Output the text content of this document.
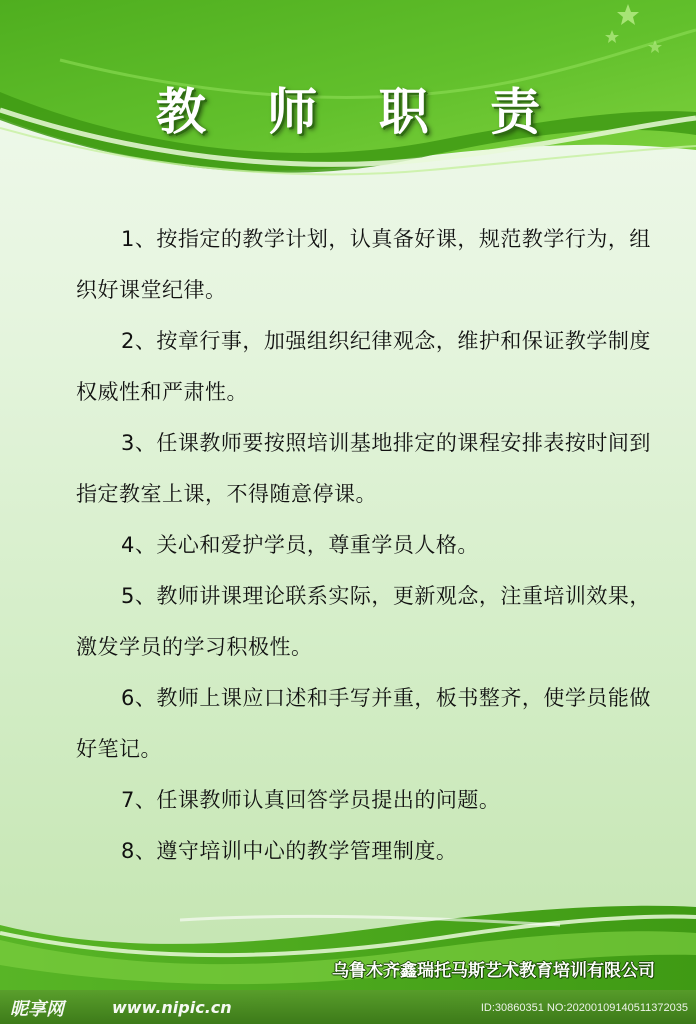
教 师 职 责

1、按指定的教学计划，认真备好课，规范教学行为，组织好课堂纪律。

2、按章行事，加强组织纪律观念，维护和保证教学制度权威性和严肃性。

3、任课教师要按照培训基地排定的课程安排表按时间到指定教室上课，不得随意停课。

4、关心和爱护学员，尊重学员人格。

5、教师讲课理论联系实际，更新观念，注重培训效果，激发学员的学习积极性。

6、教师上课应口述和手写并重，板书整齐，使学员能做好笔记。

7、任课教师认真回答学员提出的问题。

8、遵守培训中心的教学管理制度。

乌鲁木齐鑫瑞托马斯艺术教育培训有限公司
昵享网	www.nipic.cn	ID:30860351 NO:20200109140511372035
